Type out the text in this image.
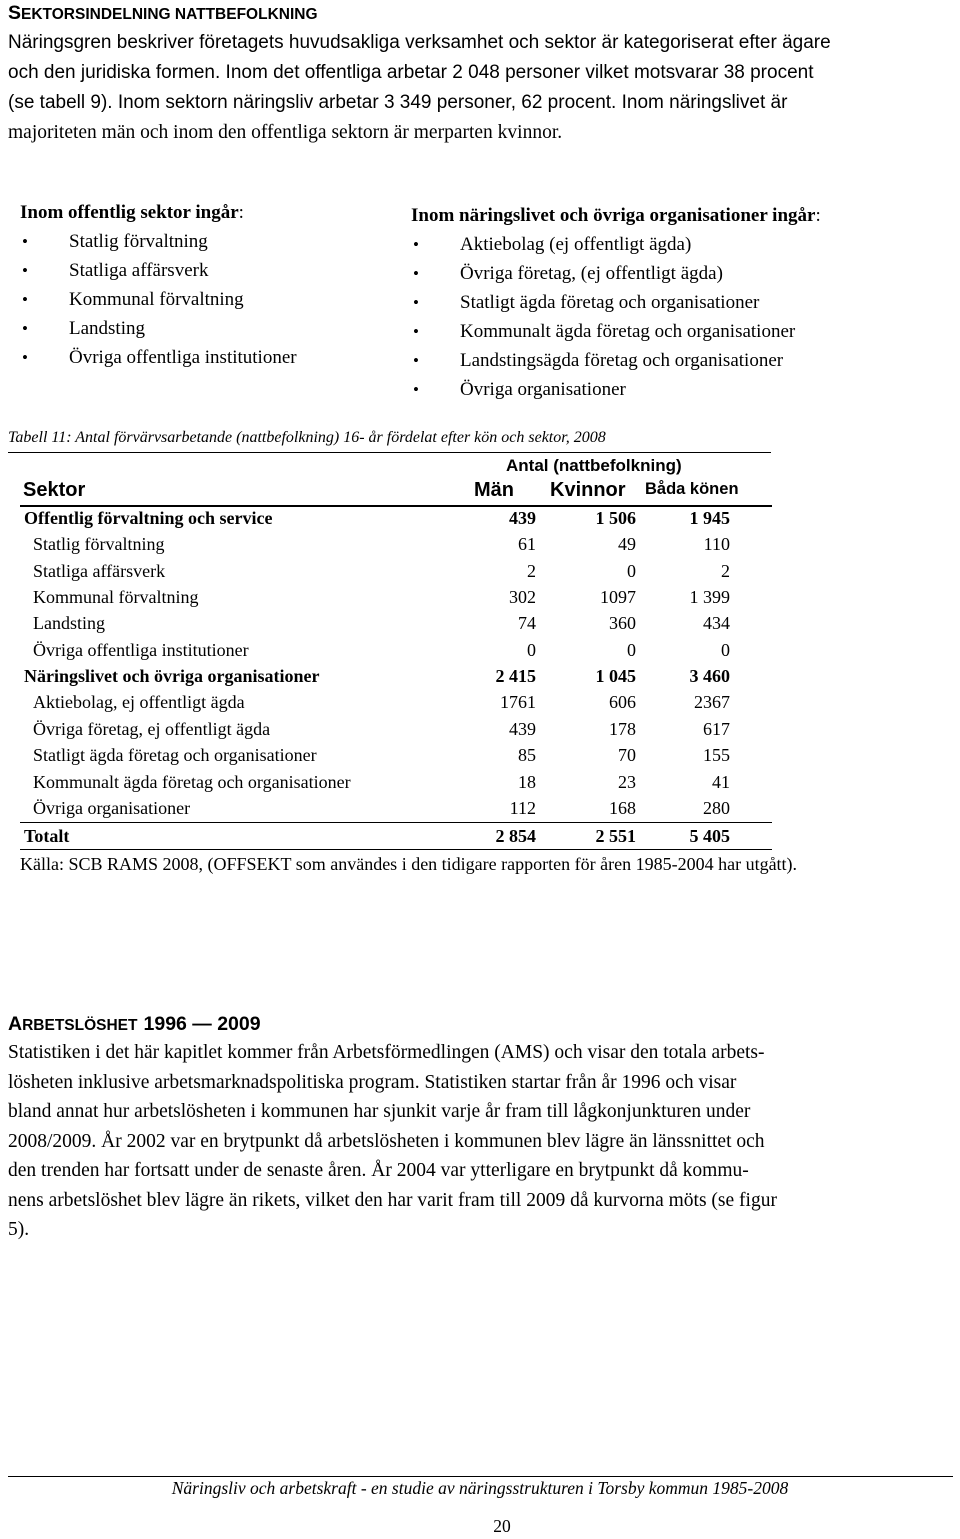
SEKTORSINDELNING NATTBEFOLKNING

Näringsgren beskriver företagets huvudsakliga verksamhet och sektor är kategoriserat efter ägare

och den juridiska formen. Inom det offentliga arbetar 2 048 personer vilket motsvarar 38 procent

(se tabell 9). Inom sektorn näringsliv arbetar 3 349 personer, 62 procent. Inom näringslivet är

majoriteten män och inom den offentliga sektorn är merparten kvinnor.

Inom offentlig sektor ingår:
• Statlig förvaltning
• Statliga affärsverk
• Kommunal förvaltning
• Landsting
• Övriga offentliga institutioner
Inom näringslivet och övriga organisationer ingår:
• Aktiebolag (ej offentligt ägda)
• Övriga företag, (ej offentligt ägda)
• Statligt ägda företag och organisationer
• Kommunalt ägda företag och organisationer
• Landstingsägda företag och organisationer
• Övriga organisationer
Tabell 11: Antal förvärvsarbetande (nattbefolkning) 16- år fördelat efter kön och sektor, 2008
Antal (nattbefolkning)
Sektor	Män Kvinnor Båda könen
Offentlig förvaltning och service	439	1 506	1 945
Statlig förvaltning	61	49	110
Statliga affärsverk	2	0	2
Kommunal förvaltning	302	1097	1 399
Landsting	74	360	434
Övriga offentliga institutioner	0	0	0
Näringslivet och övriga organisationer	2 415	1 045	3 460
Aktiebolag, ej offentligt ägda	1761	606	2367
Övriga företag, ej offentligt ägda	439	178	617
Statligt ägda företag och organisationer	85	70	155
Kommunalt ägda företag och organisationer	18	23	41
Övriga organisationer	112	168	280
Totalt	2 854	2 551	5 405
Källa: SCB RAMS 2008, (OFFSEKT som användes i den tidigare rapporten för åren 1985-2004 har utgått).
ARBETSLÖSHET 1996 — 2009

Statistiken i det här kapitlet kommer från Arbetsförmedlingen (AMS) och visar den totala arbets-

lösheten inklusive arbetsmarknadspolitiska program. Statistiken startar från år 1996 och visar

bland annat hur arbetslösheten i kommunen har sjunkit varje år fram till lågkonjunkturen under

2008/2009. År 2002 var en brytpunkt då arbetslösheten i kommunen blev lägre än länssnittet och

den trenden har fortsatt under de senaste åren. År 2004 var ytterligare en brytpunkt då kommu-

nens arbetslöshet blev lägre än rikets, vilket den har varit fram till 2009 då kurvorna möts (se figur

5).

Näringsliv och arbetskraft - en studie av näringsstrukturen i Torsby kommun 1985-2008
20
